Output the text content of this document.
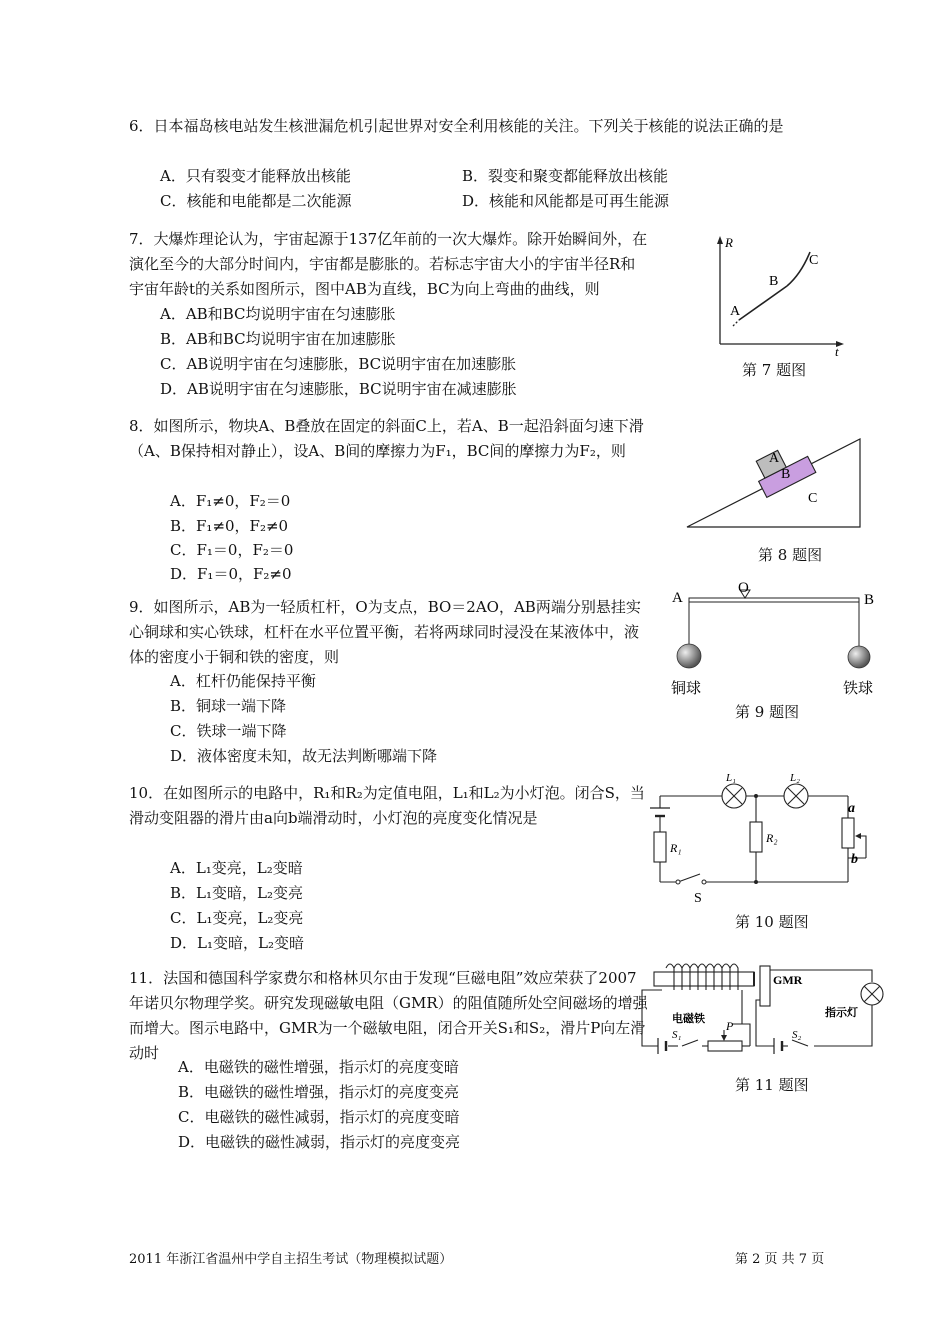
6．日本福岛核电站发生核泄漏危机引起世界对安全利用核能的关注。下列关于核能的说法正确的是
A．只有裂变才能释放出核能	B．裂变和聚变都能释放出核能
C．核能和电能都是二次能源	D．核能和风能都是可再生能源
7．大爆炸理论认为，宇宙起源于137亿年前的一次大爆炸。除开始瞬间外，在演化至今的大部分时间内，宇宙都是膨胀的。若标志宇宙大小的宇宙半径R和宇宙年龄t的关系如图所示，图中AB为直线，BC为向上弯曲的曲线，则
A．AB和BC均说明宇宙在匀速膨胀
B．AB和BC均说明宇宙在加速膨胀
C．AB说明宇宙在匀速膨胀，BC说明宇宙在加速膨胀
D．AB说明宇宙在匀速膨胀，BC说明宇宙在减速膨胀
R
t
A
B
C
第 7 题图
8．如图所示，物块A、B叠放在固定的斜面C上，若A、B一起沿斜面匀速下滑（A、B保持相对静止），设A、B间的摩擦力为F₁，BC间的摩擦力为F₂，则
A．F₁≠0，F₂＝0
B．F₁≠0，F₂≠0
C．F₁＝0，F₂＝0
D．F₁＝0，F₂≠0
A
B
C
第 8 题图
9．如图所示，AB为一轻质杠杆，O为支点，BO＝2AO，AB两端分别悬挂实心铜球和实心铁球，杠杆在水平位置平衡，若将两球同时浸没在某液体中，液体的密度小于铜和铁的密度，则
A．杠杆仍能保持平衡
B．铜球一端下降
C．铁球一端下降
D．液体密度未知，故无法判断哪端下降
A
O
B
铜球	铁球
第 9 题图
10．在如图所示的电路中，R₁和R₂为定值电阻，L₁和L₂为小灯泡。闭合S，当滑动变阻器的滑片由a向b端滑动时，小灯泡的亮度变化情况是
A．L₁变亮，L₂变暗
B．L₁变暗，L₂变亮
C．L₁变亮，L₂变亮
D．L₁变暗，L₂变暗
L₁	L₂
R₁
R₂
a
b
S
第 10 题图
11．法国和德国科学家费尔和格林贝尔由于发现“巨磁电阻”效应荣获了2007年诺贝尔物理学奖。研究发现磁敏电阻（GMR）的阻值随所处空间磁场的增强而增大。图示电路中，GMR为一个磁敏电阻，闭合开关S₁和S₂，滑片P向左滑动时
A．电磁铁的磁性增强，指示灯的亮度变暗
B．电磁铁的磁性增强，指示灯的亮度变亮
C．电磁铁的磁性减弱，指示灯的亮度变暗
D．电磁铁的磁性减弱，指示灯的亮度变亮
GMR
电磁铁	指示灯
S₁	S₂
P
第 11 题图
2011 年浙江省温州中学自主招生考试（物理模拟试题）	第 2 页 共 7 页
